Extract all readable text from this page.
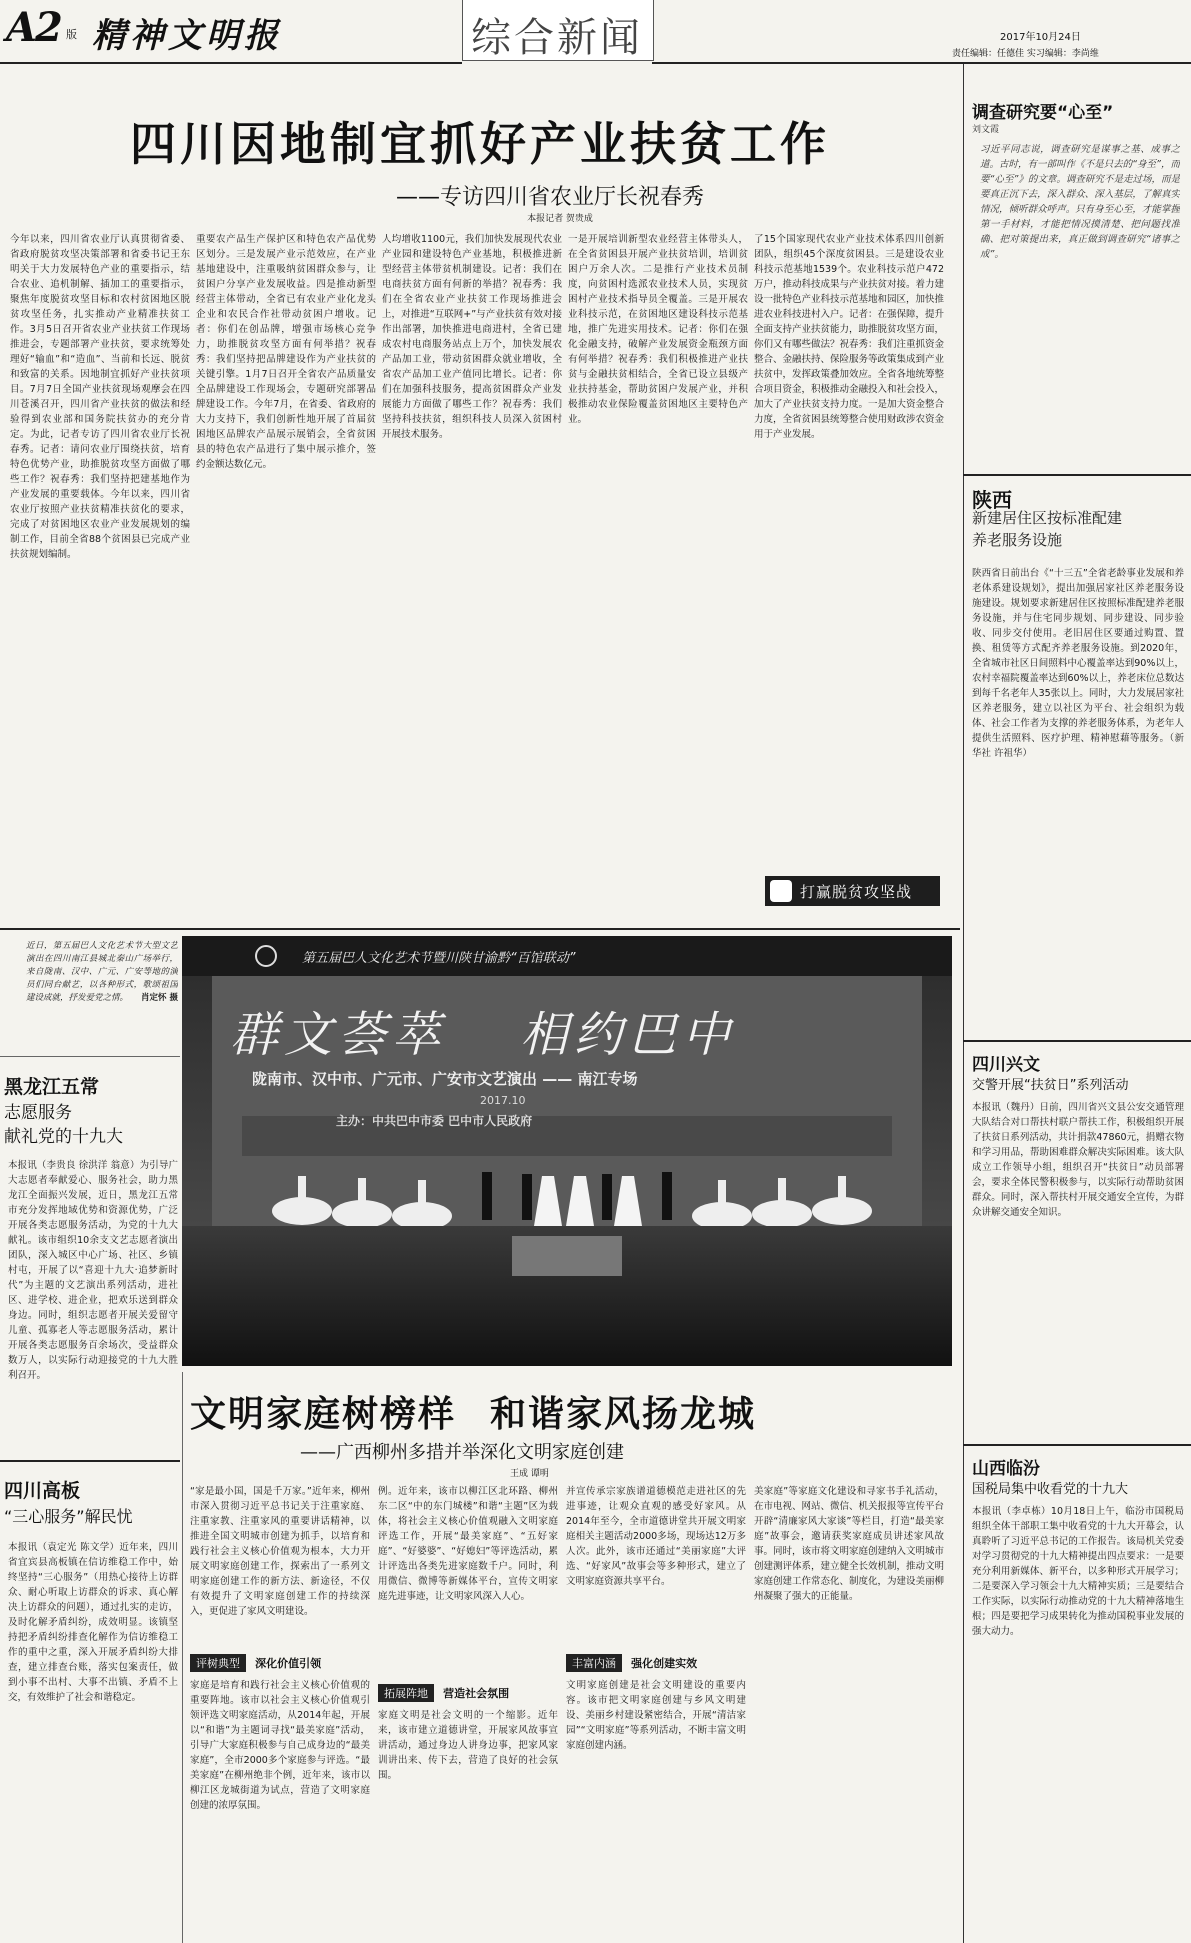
A2 版 精神文明报	综合新闻	2017年10月24日
责任编辑：任德佳 实习编辑：李尚维
四川因地制宜抓好产业扶贫工作
——专访四川省农业厅长祝春秀
本报记者 贺贵成
今年以来，四川省农业厅认真贯彻省委、省政府脱贫攻坚决策部署和省委书记王东明关于大力发展特色产业的重要指示，结合农业、追机制解、插加工的重要指示，聚焦年度脱贫攻坚目标和农村贫困地区脱贫攻坚任务，扎实推动产业精准扶贫工作。3月5日召开省农业产业扶贫工作现场推进会，专题部署产业扶贫，要求统筹处理好“输血”和“造血”、当前和长远、脱贫和致富的关系。因地制宜抓好产业扶贫项目。7月7日全国产业扶贫现场观摩会在四川苍溪召开，四川省产业扶贫的做法和经验得到农业部和国务院扶贫办的充分肯定。为此，记者专访了四川省农业厅长祝春秀。记者：请问农业厅围绕扶贫，培育特色优势产业，助推脱贫攻坚方面做了哪些工作？祝春秀：我们坚持把建基地作为产业发展的重要载体。今年以来，四川省农业厅按照产业扶贫精准扶贫化的要求，完成了对贫困地区农业产业发展规划的编制工作，目前全省88个贫困县已完成产业扶贫规划编制。
重要农产品生产保护区和特色农产品优势区划分。三是发展产业示范效应，在产业基地建设中，注重吸纳贫困群众参与，让贫困户分享产业发展收益。四是推动新型经营主体带动，全省已有农业产业化龙头企业和农民合作社带动贫困户增收。记者：你们在创品牌，增强市场核心竞争力，助推脱贫攻坚方面有何举措？祝春秀：我们坚持把品牌建设作为产业扶贫的关键引擎。1月7日召开全省农产品质量安全品牌建设工作现场会，专题研究部署品牌建设工作。今年7月，在省委、省政府的大力支持下，我们创新性地开展了首届贫困地区品牌农产品展示展销会，全省贫困县的特色农产品进行了集中展示推介，签约金额达数亿元。
人均增收1100元，我们加快发展现代农业产业园和建设特色产业基地，积极推进新型经营主体带贫机制建设。记者：我们在电商扶贫方面有何新的举措？祝春秀：我们在全省农业产业扶贫工作现场推进会上，对推进“互联网+”与产业扶贫有效对接作出部署，加快推进电商进村，全省已建成农村电商服务站点上万个，加快发展农产品加工业，带动贫困群众就业增收，全省农产品加工业产值同比增长。记者：你们在加强科技服务，提高贫困群众产业发展能力方面做了哪些工作？祝春秀：我们坚持科技扶贫，组织科技人员深入贫困村开展技术服务。
一是开展培训新型农业经营主体带头人，在全省贫困县开展产业扶贫培训，培训贫困户万余人次。二是推行产业技术员制度，向贫困村选派农业技术人员，实现贫困村产业技术指导员全覆盖。三是开展农业科技示范，在贫困地区建设科技示范基地，推广先进实用技术。记者：你们在强化金融支持，破解产业发展资金瓶颈方面有何举措？祝春秀：我们积极推进产业扶贫与金融扶贫相结合，全省已设立县级产业扶持基金，帮助贫困户发展产业，并积极推动农业保险覆盖贫困地区主要特色产业。
了15个国家现代农业产业技术体系四川创新团队，组织45个深度贫困县。三是建设农业科技示范基地1539个。农业科技示范户472万户，推动科技成果与产业扶贫对接。着力建设一批特色产业科技示范基地和园区，加快推进农业科技进村入户。记者：在强保障，提升全面支持产业扶贫能力，助推脱贫攻坚方面，你们又有哪些做法？祝春秀：我们注重抓资金整合、金融扶持、保险服务等政策集成到产业扶贫中，发挥政策叠加效应。全省各地统筹整合项目资金，积极推动金融投入和社会投入，加大了产业扶贫支持力度。一是加大资金整合力度，全省贫困县统筹整合使用财政涉农资金用于产业发展。
打赢脱贫攻坚战
近日，第五届巴人文化艺术节大型文艺演出在四川南江县城北秦山广场举行，来自陇南、汉中、广元、广安等地的演员们同台献艺，以各种形式，歌颂祖国建设成就，抒发爱党之情。 肖定怀 摄
第五届巴人文化艺术节暨川陕甘渝黔“百馆联动”
群文荟萃 相约巴中
陇南市、汉中市、广元市、广安市文艺演出 —— 南江专场
2017.10
主办：中共巴中市委 巴中市人民政府
黑龙江五常
志愿服务
献礼党的十九大
本报讯（李贵良 徐洪洋 翁意）为引导广大志愿者奉献爱心、服务社会，助力黑龙江全面振兴发展，近日，黑龙江五常市充分发挥地域优势和资源优势，广泛开展各类志愿服务活动，为党的十九大献礼。该市组织10余支文艺志愿者演出团队，深入城区中心广场、社区、乡镇村屯，开展了以“喜迎十九大·追梦新时代”为主题的文艺演出系列活动，进社区、进学校、进企业，把欢乐送到群众身边。同时，组织志愿者开展关爱留守儿童、孤寡老人等志愿服务活动，累计开展各类志愿服务百余场次，受益群众数万人，以实际行动迎接党的十九大胜利召开。
四川高板
“三心服务”解民忧
本报讯（袁定光 陈文学）近年来，四川省宜宾县高板镇在信访维稳工作中，始终坚持“三心服务”（用热心接待上访群众、耐心听取上访群众的诉求、真心解决上访群众的问题），通过扎实的走访，及时化解矛盾纠纷，成效明显。该镇坚持把矛盾纠纷排查化解作为信访维稳工作的重中之重，深入开展矛盾纠纷大排查，建立排查台账，落实包案责任，做到小事不出村、大事不出镇、矛盾不上交，有效维护了社会和谐稳定。
文明家庭树榜样 和谐家风扬龙城
——广西柳州多措并举深化文明家庭创建
王成 谭明
“家是最小国，国是千万家。”近年来，柳州市深入贯彻习近平总书记关于注重家庭、注重家教、注重家风的重要讲话精神，以推进全国文明城市创建为抓手，以培育和践行社会主义核心价值观为根本，大力开展文明家庭创建工作，探索出了一系列文明家庭创建工作的新方法、新途径，不仅有效提升了文明家庭创建工作的持续深入，更促进了家风文明建设。
评树典型 深化价值引领
家庭是培育和践行社会主义核心价值观的重要阵地。该市以社会主义核心价值观引领评选文明家庭活动，从2014年起，开展以“和谐”为主题词寻找“最美家庭”活动，引导广大家庭积极参与自己成身边的“最美家庭”，全市2000多个家庭参与评选。“最美家庭”在柳州绝非个例，近年来，该市以柳江区龙城街道为试点，营造了文明家庭创建的浓厚氛围。
例。近年来，该市以柳江区北环路、柳州东二区“中的东门城楼”和谐“主题”区为载体，将社会主义核心价值观融入文明家庭评选工作，开展“最美家庭”、“五好家庭”、“好婆婆”、“好媳妇”等评选活动，累计评选出各类先进家庭数千户。同时，利用微信、微博等新媒体平台，宣传文明家庭先进事迹，让文明家风深入人心。
拓展阵地 营造社会氛围
家庭文明是社会文明的一个缩影。近年来，该市建立道德讲堂，开展家风故事宣讲活动，通过身边人讲身边事，把家风家训讲出来、传下去，营造了良好的社会氛围。
并宣传承宗家族谱道德模范走进社区的先进事迹，让观众直观的感受好家风。从2014年至今，全市道德讲堂共开展文明家庭相关主题活动2000多场，现场达12万多人次。此外，该市还通过“美丽家庭”大评选、“好家风”故事会等多种形式，建立了文明家庭资源共享平台。
丰富内涵 强化创建实效
文明家庭创建是社会文明建设的重要内容。该市把文明家庭创建与乡风文明建设、美丽乡村建设紧密结合，开展“清洁家园”“文明家庭”等系列活动，不断丰富文明家庭创建内涵。
美家庭”等家庭文化建设和寻家书手礼活动，在市电视、网站、微信、机关报报等宣传平台开辟“清廉家风大家谈”等栏目，打造“最美家庭”故事会，邀请获奖家庭成员讲述家风故事。同时，该市将文明家庭创建纳入文明城市创建测评体系，建立健全长效机制，推动文明家庭创建工作常态化、制度化，为建设美丽柳州凝聚了强大的正能量。
调查研究要“心至”
刘文霞
习近平同志说，调查研究是谋事之基、成事之道。古时，有一部叫作《不是只去的“身至”，而要“心至”》的文章。调查研究不是走过场，而是要真正沉下去，深入群众、深入基层，了解真实情况，倾听群众呼声。只有身至心至，才能掌握第一手材料，才能把情况摸清楚、把问题找准确、把对策提出来，真正做到调查研究“诸事之成”。
陕西
新建居住区按标准配建
养老服务设施
陕西省日前出台《“十三五”全省老龄事业发展和养老体系建设规划》，提出加强居家社区养老服务设施建设。规划要求新建居住区按照标准配建养老服务设施，并与住宅同步规划、同步建设、同步验收、同步交付使用。老旧居住区要通过购置、置换、租赁等方式配齐养老服务设施。到2020年，全省城市社区日间照料中心覆盖率达到90%以上，农村幸福院覆盖率达到60%以上，养老床位总数达到每千名老年人35张以上。同时，大力发展居家社区养老服务，建立以社区为平台、社会组织为载体、社会工作者为支撑的养老服务体系，为老年人提供生活照料、医疗护理、精神慰藉等服务。（新华社 许祖华）
四川兴文
交警开展“扶贫日”系列活动
本报讯（魏丹）日前，四川省兴文县公安交通管理大队结合对口帮扶村联户帮扶工作，积极组织开展了扶贫日系列活动，共计捐款47860元，捐赠衣物和学习用品，帮助困难群众解决实际困难。该大队成立工作领导小组，组织召开“扶贫日”动员部署会，要求全体民警积极参与，以实际行动帮助贫困群众。同时，深入帮扶村开展交通安全宣传，为群众讲解交通安全知识。
山西临汾
国税局集中收看党的十九大
本报讯（李卓栋）10月18日上午，临汾市国税局组织全体干部职工集中收看党的十九大开幕会，认真聆听了习近平总书记的工作报告。该局机关党委对学习贯彻党的十九大精神提出四点要求：一是要充分利用新媒体、新平台，以多种形式开展学习；二是要深入学习领会十九大精神实质；三是要结合工作实际，以实际行动推动党的十九大精神落地生根；四是要把学习成果转化为推动国税事业发展的强大动力。
